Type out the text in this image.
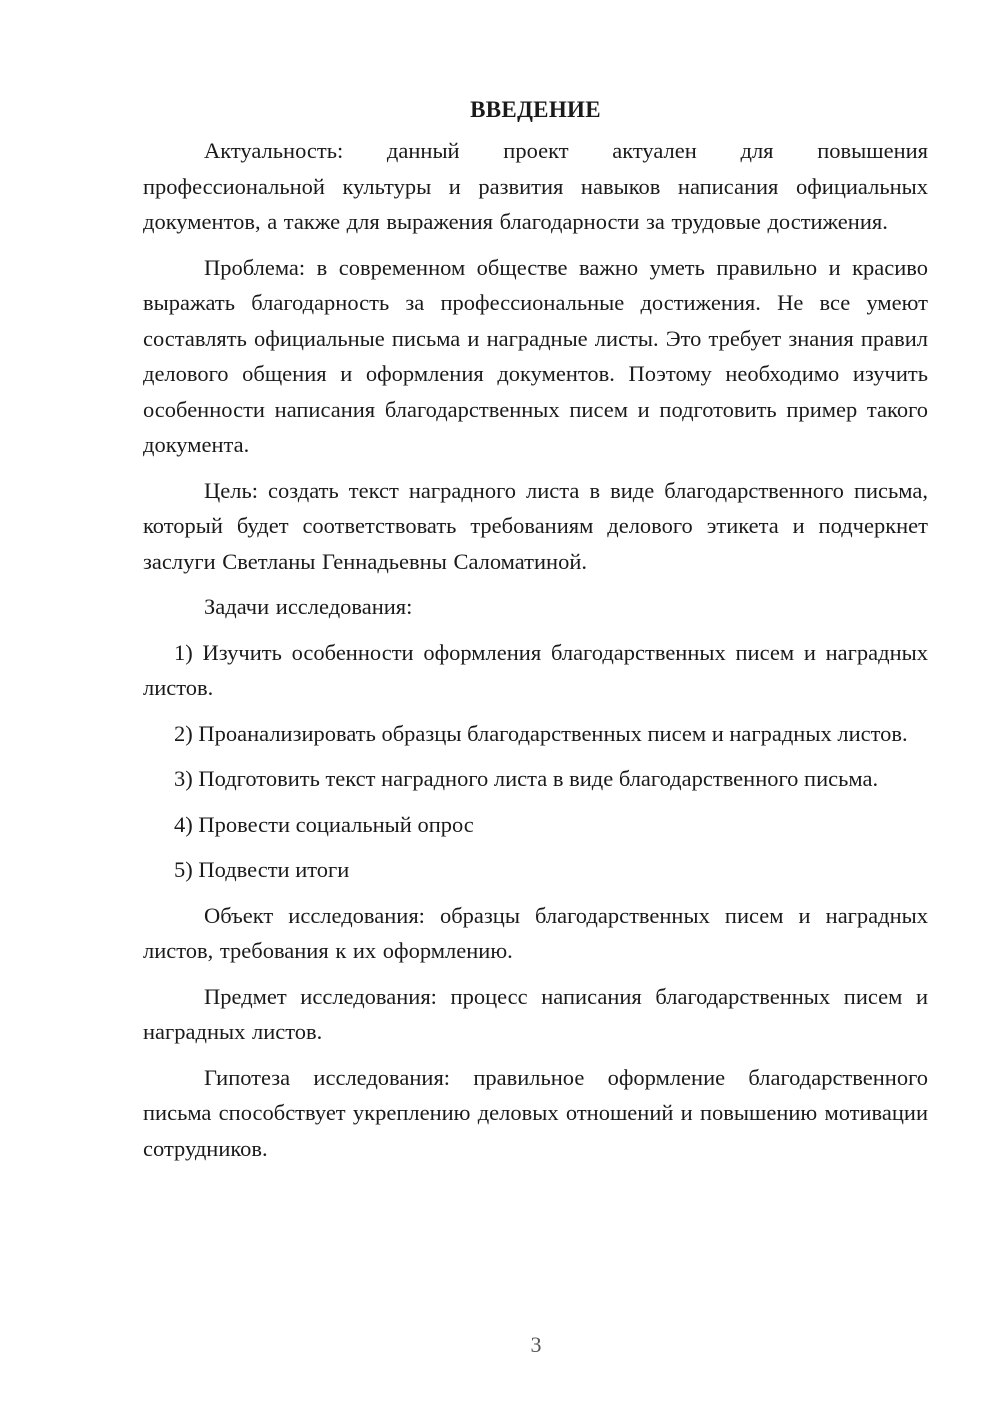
ВВЕДЕНИЕ

Актуальность: данный проект актуален для повышения профессиональной культуры и развития навыков написания официальных документов, а также для выражения благодарности за трудовые достижения.

Проблема: в современном обществе важно уметь правильно и красиво выражать благодарность за профессиональные достижения. Не все умеют составлять официальные письма и наградные листы. Это требует знания правил делового общения и оформления документов. Поэтому необходимо изучить особенности написания благодарственных писем и подготовить пример такого документа.

Цель: создать текст наградного листа в виде благодарственного письма, который будет соответствовать требованиям делового этикета и подчеркнет заслуги Светланы Геннадьевны Саломатиной.

Задачи исследования:

1) Изучить особенности оформления благодарственных писем и наградных листов.

2) Проанализировать образцы благодарственных писем и наградных листов.

3) Подготовить текст наградного листа в виде благодарственного письма.

4) Провести социальный опрос

5) Подвести итоги

Объект исследования: образцы благодарственных писем и наградных листов, требования к их оформлению.

Предмет исследования: процесс написания благодарственных писем и наградных листов.

Гипотеза исследования: правильное оформление благодарственного письма способствует укреплению деловых отношений и повышению мотивации сотрудников.

3
